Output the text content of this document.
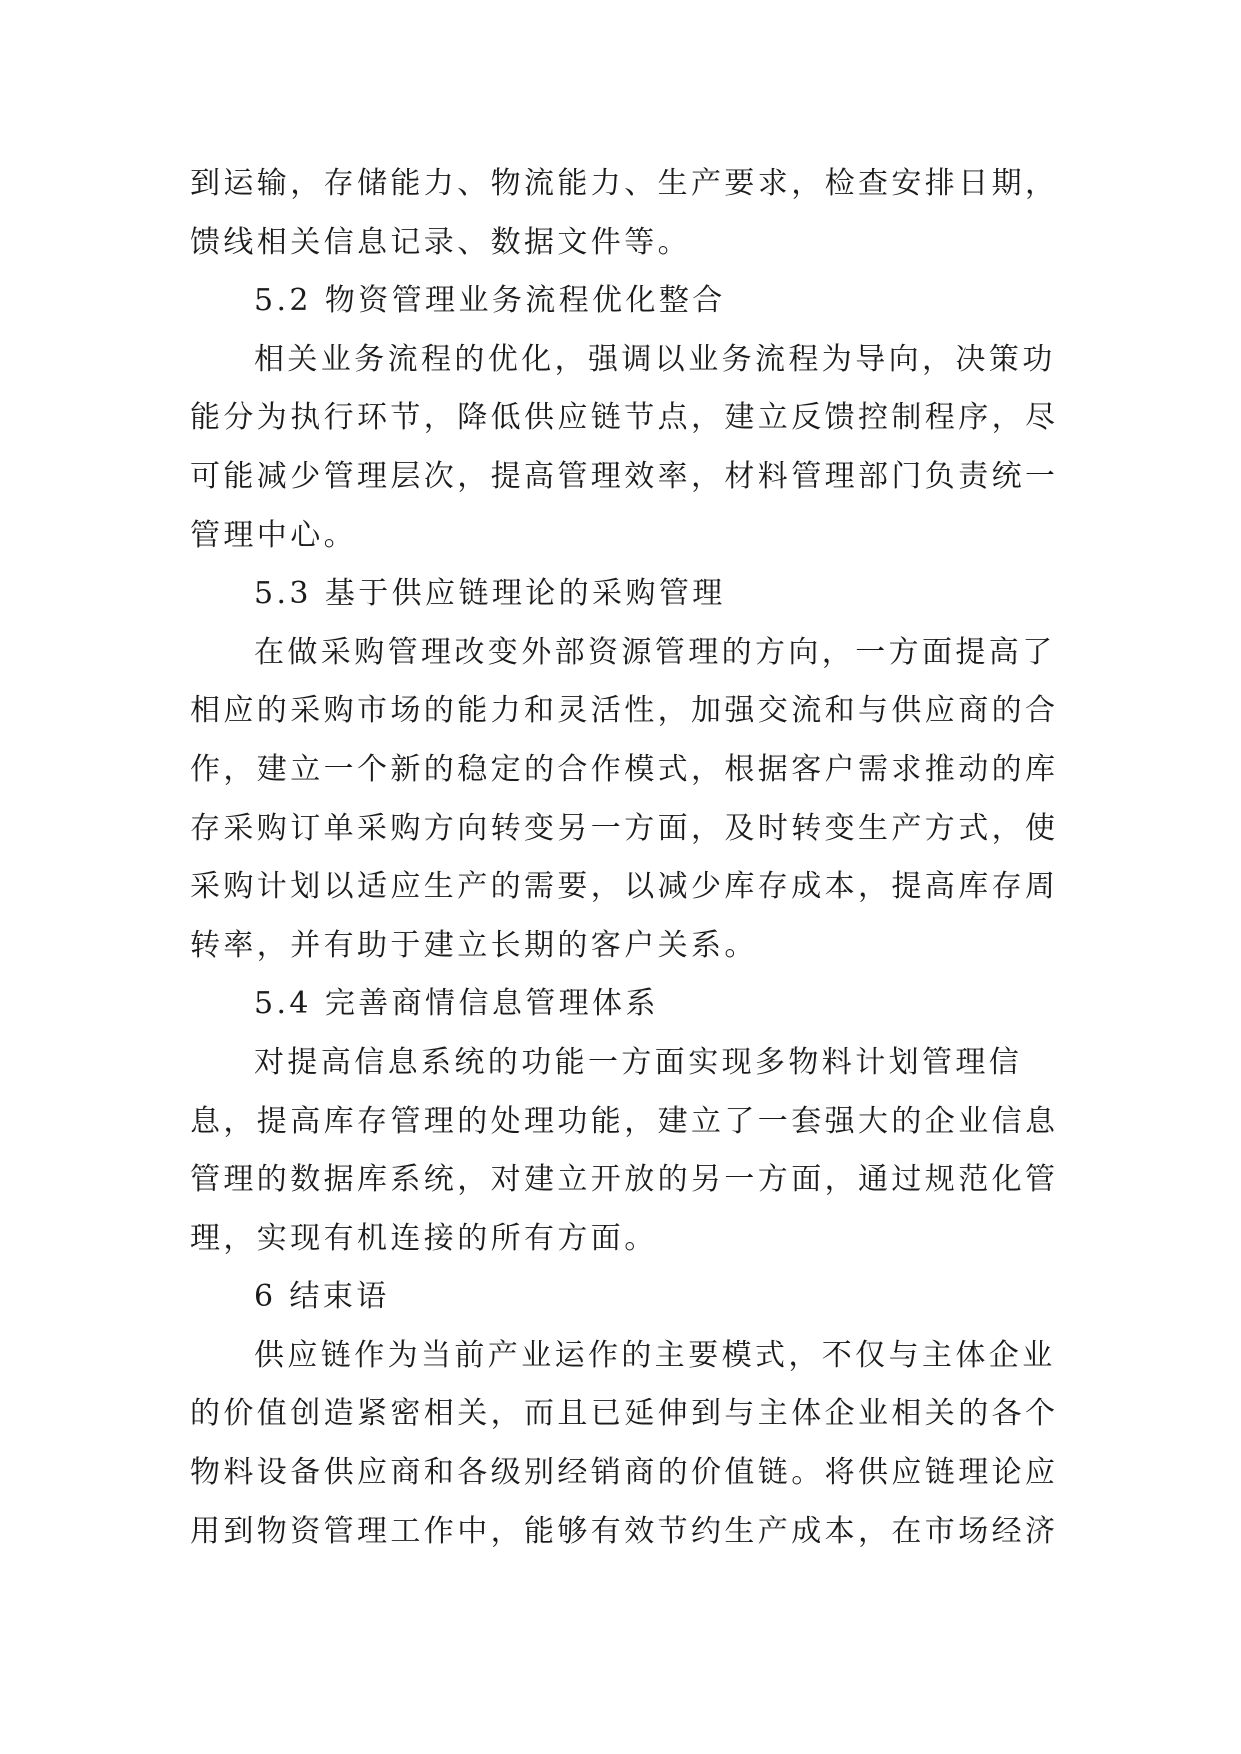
到运输，存储能力、物流能力、生产要求，检查安排日期，
馈线相关信息记录、数据文件等。
5.2 物资管理业务流程优化整合
相关业务流程的优化，强调以业务流程为导向，决策功
能分为执行环节，降低供应链节点，建立反馈控制程序，尽
可能减少管理层次，提高管理效率，材料管理部门负责统一
管理中心。
5.3 基于供应链理论的采购管理
在做采购管理改变外部资源管理的方向，一方面提高了
相应的采购市场的能力和灵活性，加强交流和与供应商的合
作，建立一个新的稳定的合作模式，根据客户需求推动的库
存采购订单采购方向转变另一方面，及时转变生产方式，使
采购计划以适应生产的需要，以减少库存成本，提高库存周
转率，并有助于建立长期的客户关系。
5.4 完善商情信息管理体系
对提高信息系统的功能一方面实现多物料计划管理信
息，提高库存管理的处理功能，建立了一套强大的企业信息
管理的数据库系统，对建立开放的另一方面，通过规范化管
理，实现有机连接的所有方面。
6 结束语
供应链作为当前产业运作的主要模式，不仅与主体企业
的价值创造紧密相关，而且已延伸到与主体企业相关的各个
物料设备供应商和各级别经销商的价值链。将供应链理论应
用到物资管理工作中，能够有效节约生产成本，在市场经济
